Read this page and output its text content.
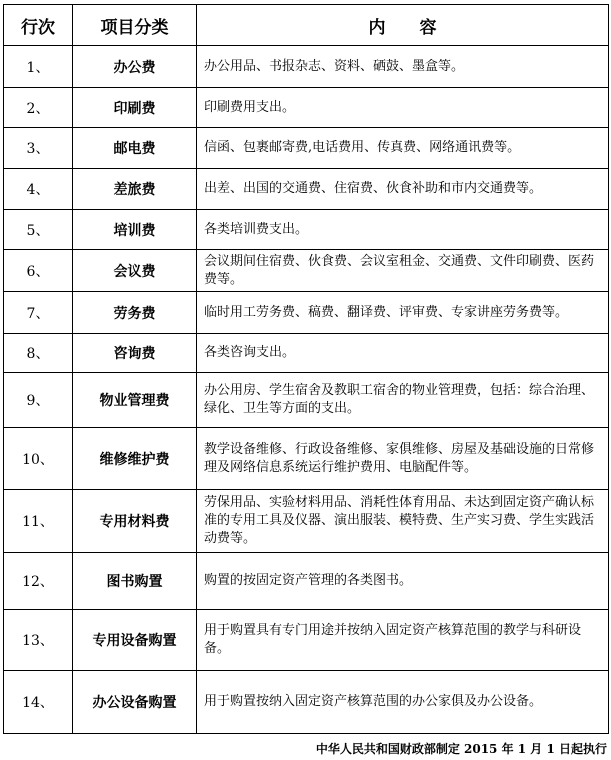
行次	项目分类	内　　容
1、	办公费	办公用品、书报杂志、资料、硒鼓、墨盒等。
2、	印刷费	印刷费用支出。
3、	邮电费	信函、包裹邮寄费,电话费用、传真费、网络通讯费等。
4、	差旅费	出差、出国的交通费、住宿费、伙食补助和市内交通费等。
5、	培训费	各类培训费支出。
6、	会议费	会议期间住宿费、伙食费、会议室租金、交通费、文件印刷费、医药费等。
7、	劳务费	临时用工劳务费、稿费、翻译费、评审费、专家讲座劳务费等。
8、	咨询费	各类咨询支出。
9、	物业管理费	办公用房、学生宿舍及教职工宿舍的物业管理费，包括：综合治理、绿化、卫生等方面的支出。
10、	维修维护费	教学设备维修、行政设备维修、家俱维修、房屋及基础设施的日常修理及网络信息系统运行维护费用、电脑配件等。
11、	专用材料费	劳保用品、实验材料用品、消耗性体育用品、未达到固定资产确认标准的专用工具及仪器、演出服装、模特费、生产实习费、学生实践活动费等。
12、	图书购置	购置的按固定资产管理的各类图书。
13、	专用设备购置	用于购置具有专门用途并按纳入固定资产核算范围的教学与科研设备。
14、	办公设备购置	用于购置按纳入固定资产核算范围的办公家俱及办公设备。
中华人民共和国财政部制定 2015 年 1 月 1 日起执行
